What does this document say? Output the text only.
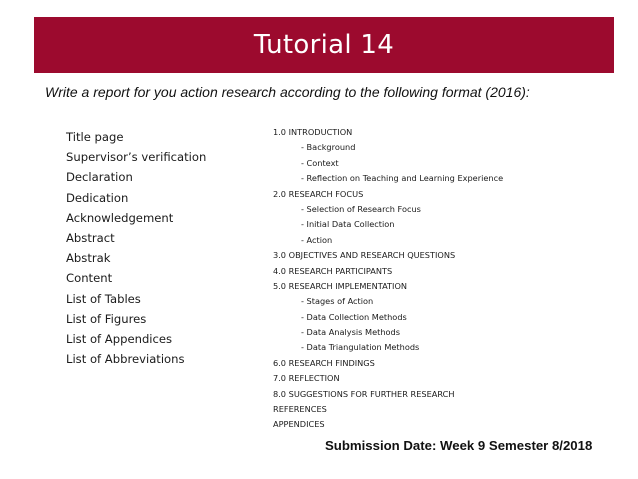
Tutorial 14
Write a report for you action research according to the following format (2016):
Title page
Supervisor’s verification
Declaration
Dedication
Acknowledgement
Abstract
Abstrak
Content
List of Tables
List of Figures
List of Appendices
List of Abbreviations
1.0 INTRODUCTION
- Background
- Context
- Reflection on Teaching and Learning Experience
2.0 RESEARCH FOCUS
- Selection of Research Focus
- Initial Data Collection
- Action
3.0 OBJECTIVES AND RESEARCH QUESTIONS
4.0 RESEARCH PARTICIPANTS
5.0 RESEARCH IMPLEMENTATION
- Stages of Action
- Data Collection Methods
- Data Analysis Methods
- Data Triangulation Methods
6.0 RESEARCH FINDINGS
7.0 REFLECTION
8.0 SUGGESTIONS FOR FURTHER RESEARCH
REFERENCES
APPENDICES
Submission Date: Week 9 Semester 8/2018
